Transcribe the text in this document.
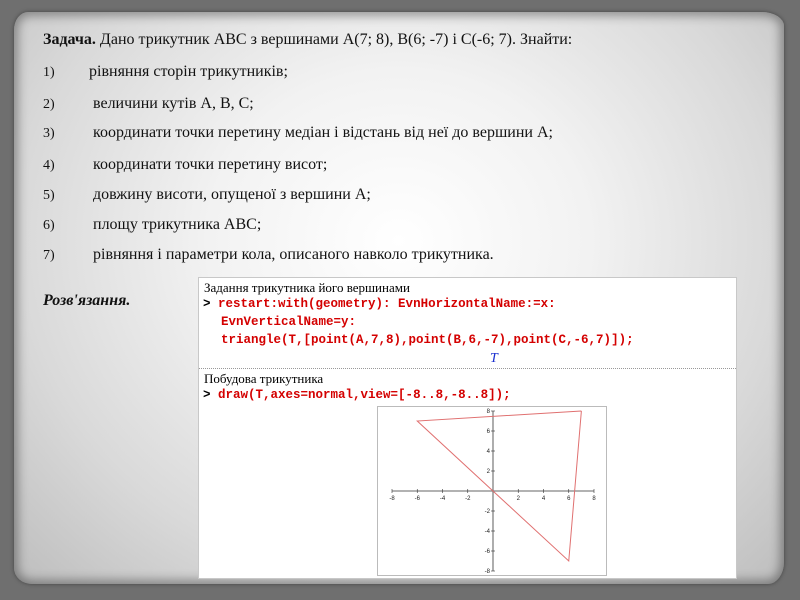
Задача. Дано трикутник ABC з вершинами A(7; 8), B(6; -7) і C(-6; 7). Знайти:
1) рівняння сторін трикутників;
2) величини кутів A, B, C;
3) координати точки перетину медіан і відстань від неї до вершини A;
4) координати точки перетину висот;
5) довжину висоти, опущеної з вершини A;
6) площу трикутника ABC;
7) рівняння і параметри кола, описаного навколо трикутника.
Розв'язання.
Задання трикутника його вершинами
> restart:with(geometry): EvnHorizontalName:=x:
EvnVerticalName=y:
triangle(T,[point(A,7,8),point(B,6,-7),point(C,-6,7)]);
T
Побудова трикутника
> draw(T,axes=normal,view=[-8..8,-8..8]);
-8	-6	-4	-2	2	4	6	8
8
6
4
2
-2
-4
-6
-8
